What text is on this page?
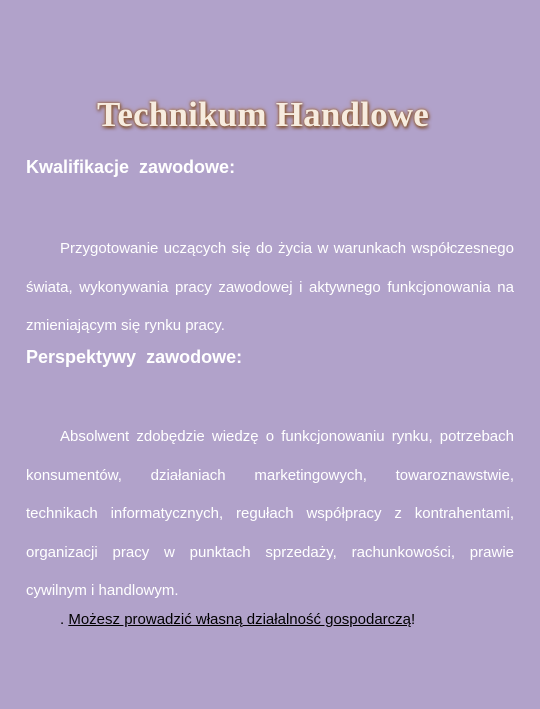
Technikum Handlowe
Kwalifikacje  zawodowe:

Przygotowanie uczących się do życia w warunkach współczesnego świata, wykonywania pracy zawodowej i aktywnego funkcjonowania na zmieniającym się rynku pracy.

Perspektywy  zawodowe:

Absolwent zdobędzie wiedzę o funkcjonowaniu rynku, potrzebach konsumentów, działaniach marketingowych, towaroznawstwie, technikach informatycznych, regułach współpracy z kontrahentami, organizacji pracy w punktach sprzedaży, rachunkowości, prawie cywilnym i handlowym.

. Możesz prowadzić własną działalność gospodarczą!
